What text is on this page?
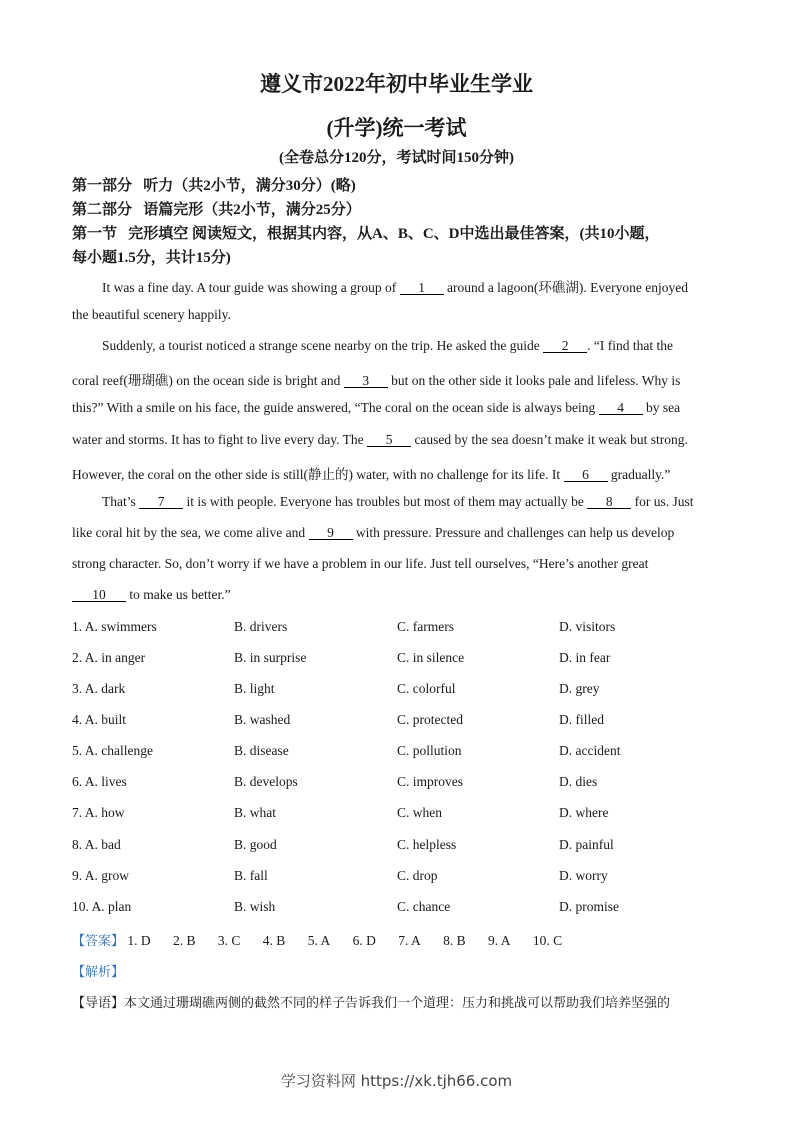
遵义市2022年初中毕业生学业
(升学)统一考试
(全卷总分120分，考试时间150分钟)
第一部分   听力（共2小节，满分30分）(略)
第二部分   语篇完形（共2小节，满分25分）
第一节   完形填空 阅读短文，根据其内容，从A、B、C、D中选出最佳答案，(共10小题，
每小题1.5分，共计15分)
It was a fine day. A tour guide was showing a group of 1 around a lagoon(环礁湖). Everyone enjoyed
the beautiful scenery happily.
Suddenly, a tourist noticed a strange scene nearby on the trip. He asked the guide 2 . “I find that the
coral reef(珊瑚礁) on the ocean side is bright and 3 but on the other side it looks pale and lifeless. Why is
this?” With a smile on his face, the guide answered, “The coral on the ocean side is always being 4 by sea
water and storms. It has to fight to live every day. The 5 caused by the sea doesn’t make it weak but strong.
However, the coral on the other side is still(静止的) water, with no challenge for its life. It 6 gradually.”
That’s 7 it is with people. Everyone has troubles but most of them may actually be 8 for us. Just
like coral hit by the sea, we come alive and 9 with pressure. Pressure and challenges can help us develop
strong character. So, don’t worry if we have a problem in our life. Just tell ourselves, “Here’s another great
10 to make us better.”
1. A. swimmers	B. drivers	C. farmers	D. visitors
2. A. in anger	B. in surprise	C. in silence	D. in fear
3. A. dark	B. light	C. colorful	D. grey
4. A. built	B. washed	C. protected	D. filled
5. A. challenge	B. disease	C. pollution	D. accident
6. A. lives	B. develops	C. improves	D. dies
7. A. how	B. what	C. when	D. where
8. A. bad	B. good	C. helpless	D. painful
9. A. grow	B. fall	C. drop	D. worry
10. A. plan	B. wish	C. chance	D. promise
【答案】 1. D 2. B 3. C 4. B 5. A 6. D 7. A 8. B 9. A 10. C
【解析】
【导语】本文通过珊瑚礁两侧的截然不同的样子告诉我们一个道理：压力和挑战可以帮助我们培养坚强的
学习资料网 https://xk.tjh66.com
